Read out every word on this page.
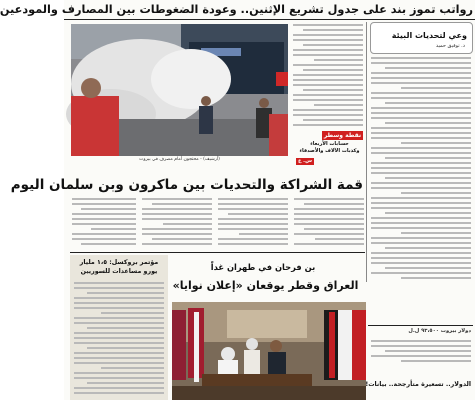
رواتب تموز بند على جدول تشريع الإثنين.. وعودة الضغوطات بين المصارف والمودعين
(أرشيف) - محتجون أمام مصرف في بيروت
نقطة وسطر
حسابات الأربعاء
وكذبات الآلاف والأصدقاء
س. ع
وعي لتحديات البيئة
د. توفيق حميد
قمة الشراكة والتحديات بين ماكرون وبن سلمان اليوم
مؤتمر بروكسل: ١،٥ مليار يورو مساعدات للسوريين	بن فرحان في طهران غداً
العراق وقطر يوقعان «إعلان نوايا»
دولار بيروت ٩٣،٥٠٠ ل.ل
الدولار.. تسعيرة متأرجحة.. بيانات!
